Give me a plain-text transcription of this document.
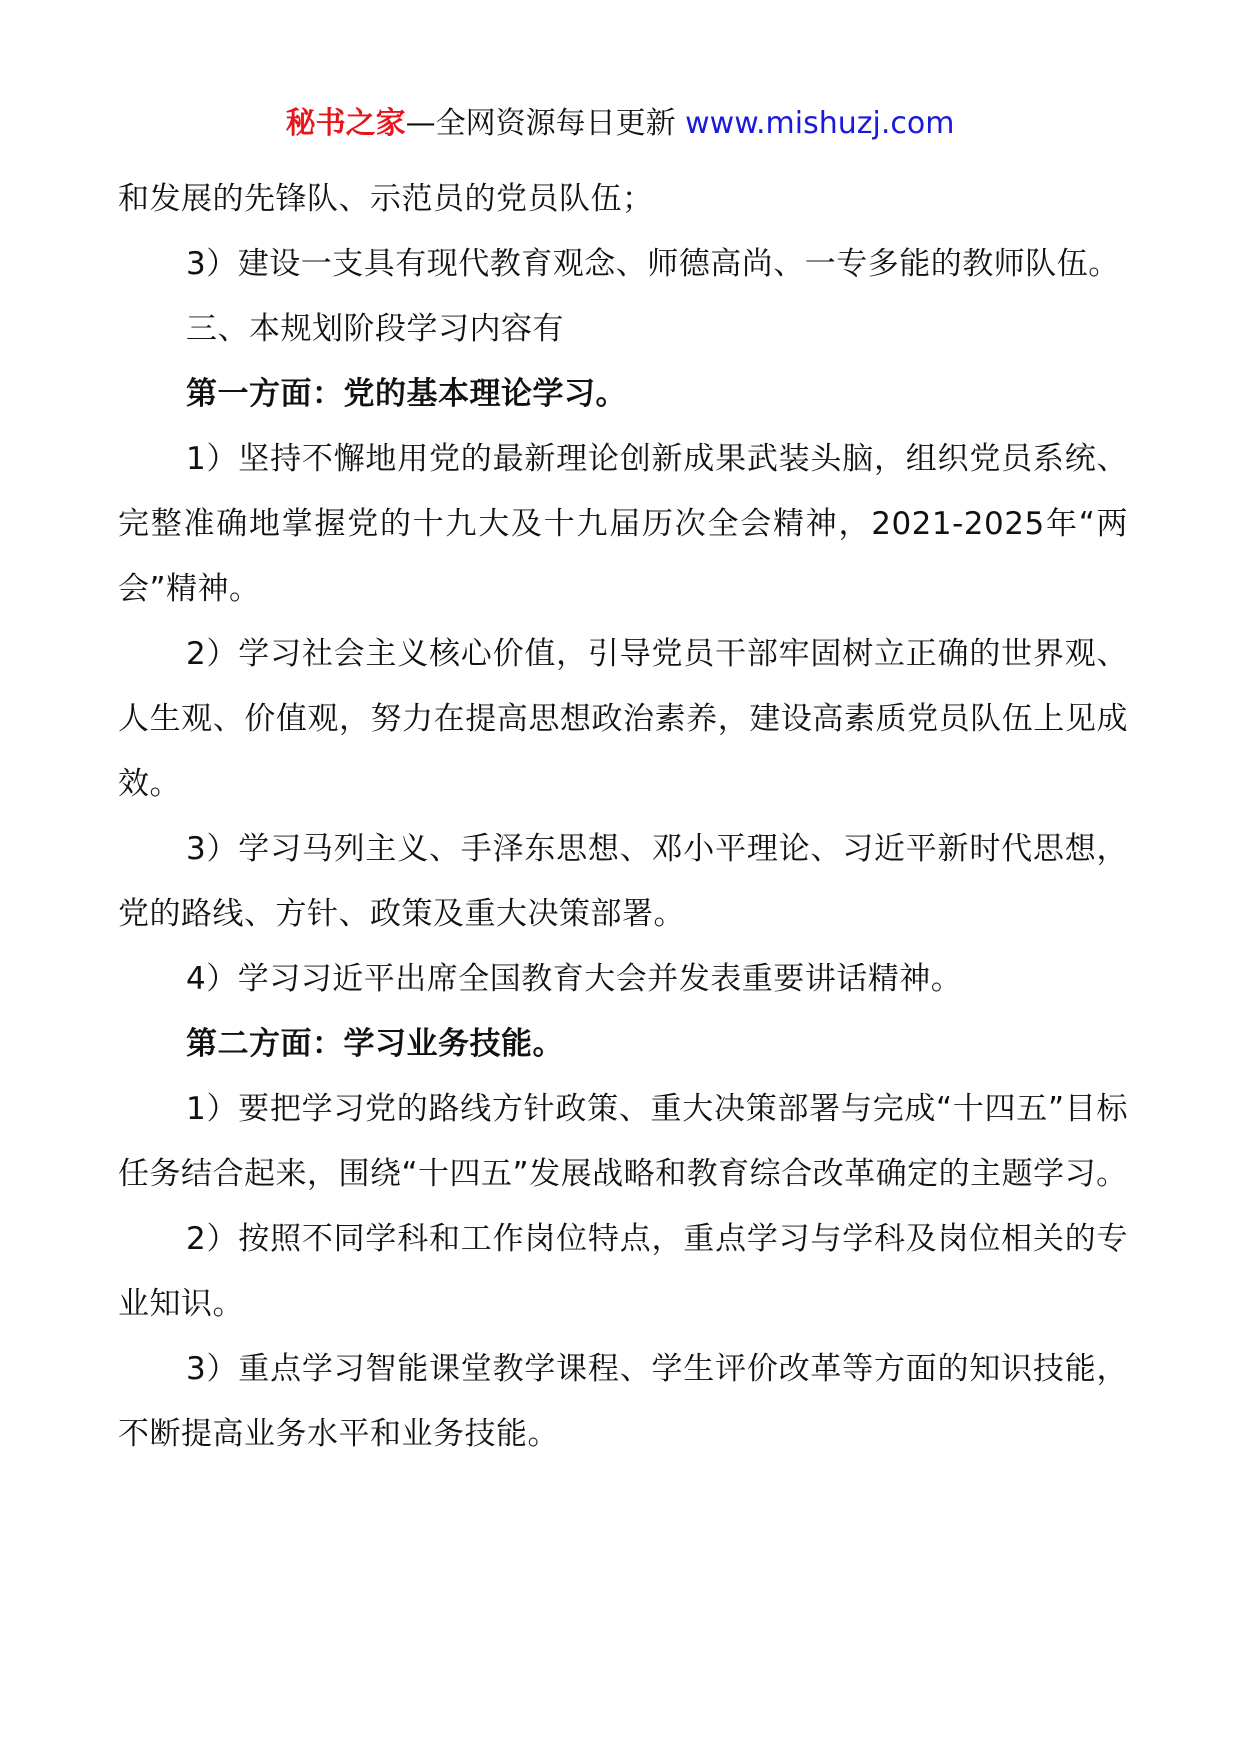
秘书之家—全网资源每日更新 www.mishuzj.com

和发展的先锋队、示范员的党员队伍；

3）建设一支具有现代教育观念、师德高尚、一专多能的教师队伍。

三、本规划阶段学习内容有

第一方面：党的基本理论学习。

1）坚持不懈地用党的最新理论创新成果武装头脑，组织党员系统、完整准确地掌握党的十九大及十九届历次全会精神，2021-2025年“两会”精神。

2）学习社会主义核心价值，引导党员干部牢固树立正确的世界观、人生观、价值观，努力在提高思想政治素养，建设高素质党员队伍上见成效。

3）学习马列主义、手泽东思想、邓小平理论、习近平新时代思想，党的路线、方针、政策及重大决策部署。

4）学习习近平出席全国教育大会并发表重要讲话精神。

第二方面：学习业务技能。

1）要把学习党的路线方针政策、重大决策部署与完成“十四五”目标任务结合起来，围绕“十四五”发展战略和教育综合改革确定的主题学习。

2）按照不同学科和工作岗位特点，重点学习与学科及岗位相关的专业知识。

3）重点学习智能课堂教学课程、学生评价改革等方面的知识技能，不断提高业务水平和业务技能。
